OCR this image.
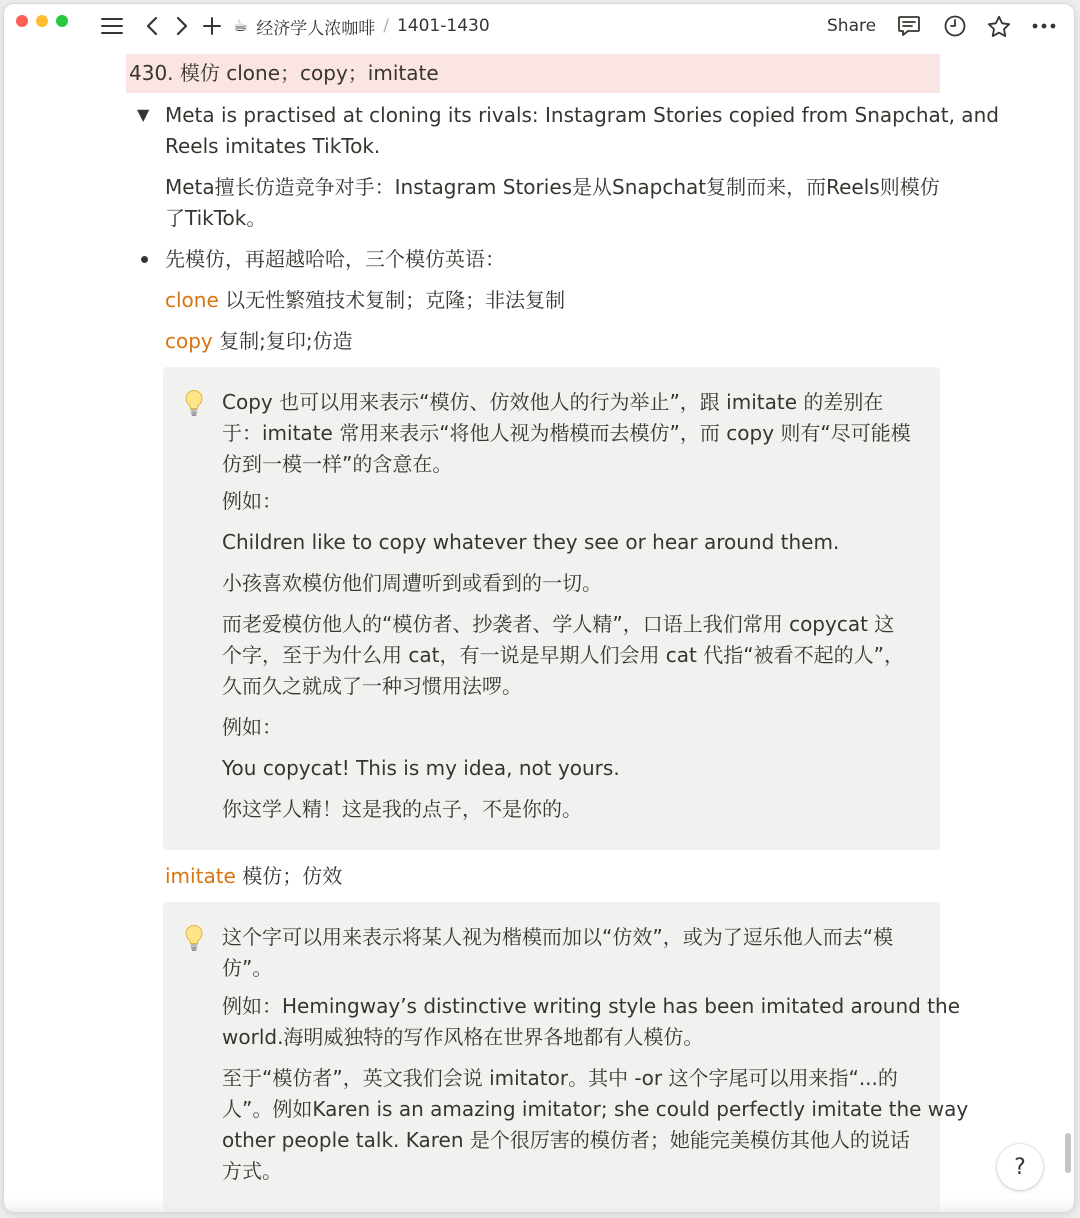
☕ 经济学人浓咖啡 / 1401-1430	Share
430. 模仿 clone；copy；imitate
▼ Meta is practised at cloning its rivals: Instagram Stories copied from Snapchat, and
Reels imitates TikTok.
Meta擅长仿造竞争对手：Instagram Stories是从Snapchat复制而来，而Reels则模仿
了TikTok。
先模仿，再超越哈哈，三个模仿英语：
clone 以无性繁殖技术复制；克隆；非法复制
copy 复制;复印;仿造
Copy 也可以用来表示“模仿、仿效他人的行为举止”，跟 imitate 的差别在
于：imitate 常用来表示“将他人视为楷模而去模仿”，而 copy 则有“尽可能模
仿到一模一样”的含意在。
例如：
Children like to copy whatever they see or hear around them.
小孩喜欢模仿他们周遭听到或看到的一切。
而老爱模仿他人的“模仿者、抄袭者、学人精”，口语上我们常用 copycat 这
个字，至于为什么用 cat，有一说是早期人们会用 cat 代指“被看不起的人”，
久而久之就成了一种习惯用法啰。
例如：
You copycat! This is my idea, not yours.
你这学人精！这是我的点子，不是你的。
imitate 模仿；仿效
这个字可以用来表示将某人视为楷模而加以“仿效”，或为了逗乐他人而去“模
仿”。
例如：Hemingway’s distinctive writing style has been imitated around the
world.海明威独特的写作风格在世界各地都有人模仿。
至于“模仿者”，英文我们会说 imitator。其中 -or 这个字尾可以用来指“...的
人”。例如Karen is an amazing imitator; she could perfectly imitate the way
other people talk. Karen 是个很厉害的模仿者；她能完美模仿其他人的说话
方式。	?
